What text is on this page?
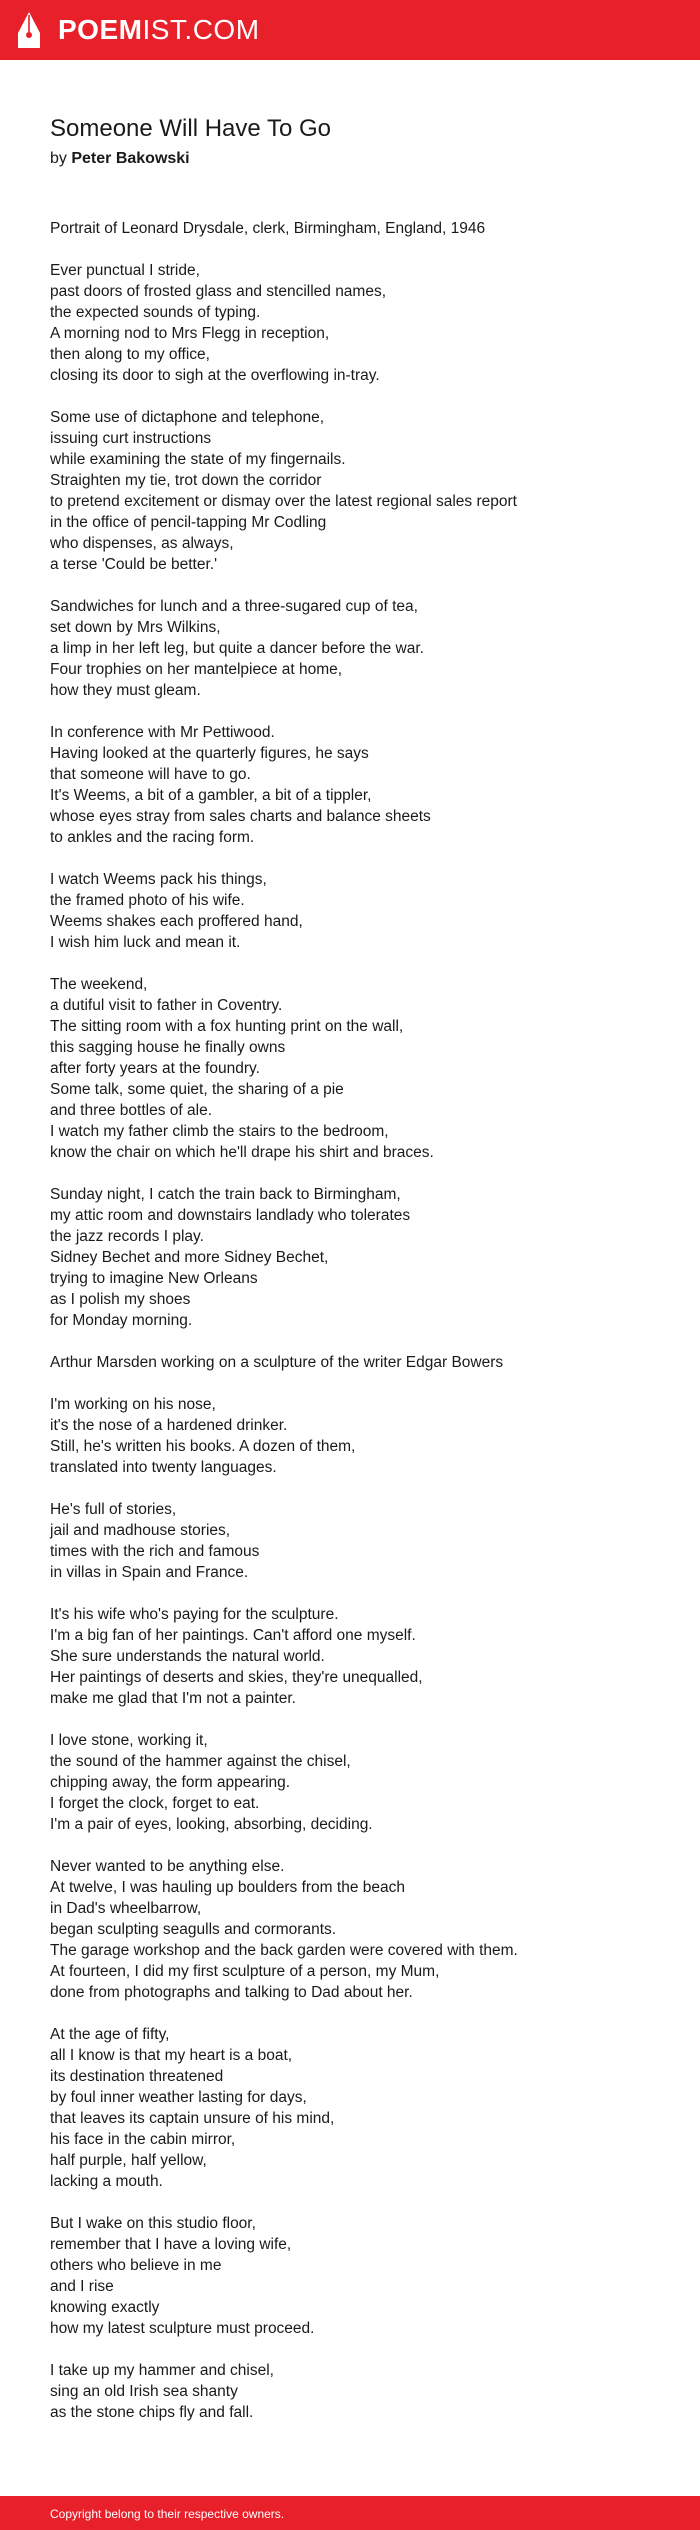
POEMIST.COM
Someone Will Have To Go
by Peter Bakowski
Portrait of Leonard Drysdale, clerk, Birmingham, England, 1946
Ever punctual I stride,
past doors of frosted glass and stencilled names,
the expected sounds of typing.
A morning nod to Mrs Flegg in reception,
then along to my office,
closing its door to sigh at the overflowing in-tray.
Some use of dictaphone and telephone,
issuing curt instructions
while examining the state of my fingernails.
Straighten my tie, trot down the corridor
to pretend excitement or dismay over the latest regional sales report
in the office of pencil-tapping Mr Codling
who dispenses, as always,
a terse 'Could be better.'
Sandwiches for lunch and a three-sugared cup of tea,
set down by Mrs Wilkins,
a limp in her left leg, but quite a dancer before the war.
Four trophies on her mantelpiece at home,
how they must gleam.
In conference with Mr Pettiwood.
Having looked at the quarterly figures, he says
that someone will have to go.
It's Weems, a bit of a gambler, a bit of a tippler,
whose eyes stray from sales charts and balance sheets
to ankles and the racing form.
I watch Weems pack his things,
the framed photo of his wife.
Weems shakes each proffered hand,
I wish him luck and mean it.
The weekend,
a dutiful visit to father in Coventry.
The sitting room with a fox hunting print on the wall,
this sagging house he finally owns
after forty years at the foundry.
Some talk, some quiet, the sharing of a pie
and three bottles of ale.
I watch my father climb the stairs to the bedroom,
know the chair on which he'll drape his shirt and braces.
Sunday night, I catch the train back to Birmingham,
my attic room and downstairs landlady who tolerates
the jazz records I play.
Sidney Bechet and more Sidney Bechet,
trying to imagine New Orleans
as I polish my shoes
for Monday morning.
Arthur Marsden working on a sculpture of the writer Edgar Bowers
I'm working on his nose,
it's the nose of a hardened drinker.
Still, he's written his books. A dozen of them,
translated into twenty languages.
He's full of stories,
jail and madhouse stories,
times with the rich and famous
in villas in Spain and France.
It's his wife who's paying for the sculpture.
I'm a big fan of her paintings. Can't afford one myself.
She sure understands the natural world.
Her paintings of deserts and skies, they're unequalled,
make me glad that I'm not a painter.
I love stone, working it,
the sound of the hammer against the chisel,
chipping away, the form appearing.
I forget the clock, forget to eat.
I'm a pair of eyes, looking, absorbing, deciding.
Never wanted to be anything else.
At twelve, I was hauling up boulders from the beach
in Dad's wheelbarrow,
began sculpting seagulls and cormorants.
The garage workshop and the back garden were covered with them.
At fourteen, I did my first sculpture of a person, my Mum,
done from photographs and talking to Dad about her.
At the age of fifty,
all I know is that my heart is a boat,
its destination threatened
by foul inner weather lasting for days,
that leaves its captain unsure of his mind,
his face in the cabin mirror,
half purple, half yellow,
lacking a mouth.
But I wake on this studio floor,
remember that I have a loving wife,
others who believe in me
and I rise
knowing exactly
how my latest sculpture must proceed.
I take up my hammer and chisel,
sing an old Irish sea shanty
as the stone chips fly and fall.
Copyright belong to their respective owners.
